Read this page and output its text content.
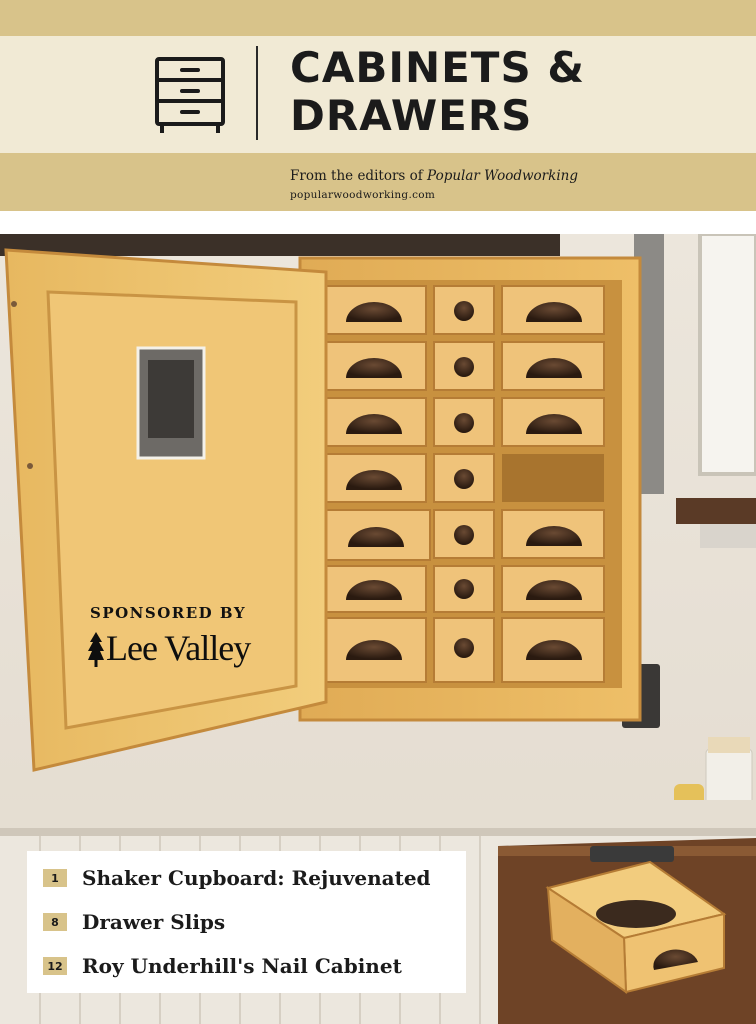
CABINETS &
DRAWERS
From the editors of Popular Woodworking
popularwoodworking.com
SPONSORED BY
Lee Valley
1	Shaker Cupboard: Rejuvenated
8	Drawer Slips
12 Roy Underhill's Nail Cabinet
